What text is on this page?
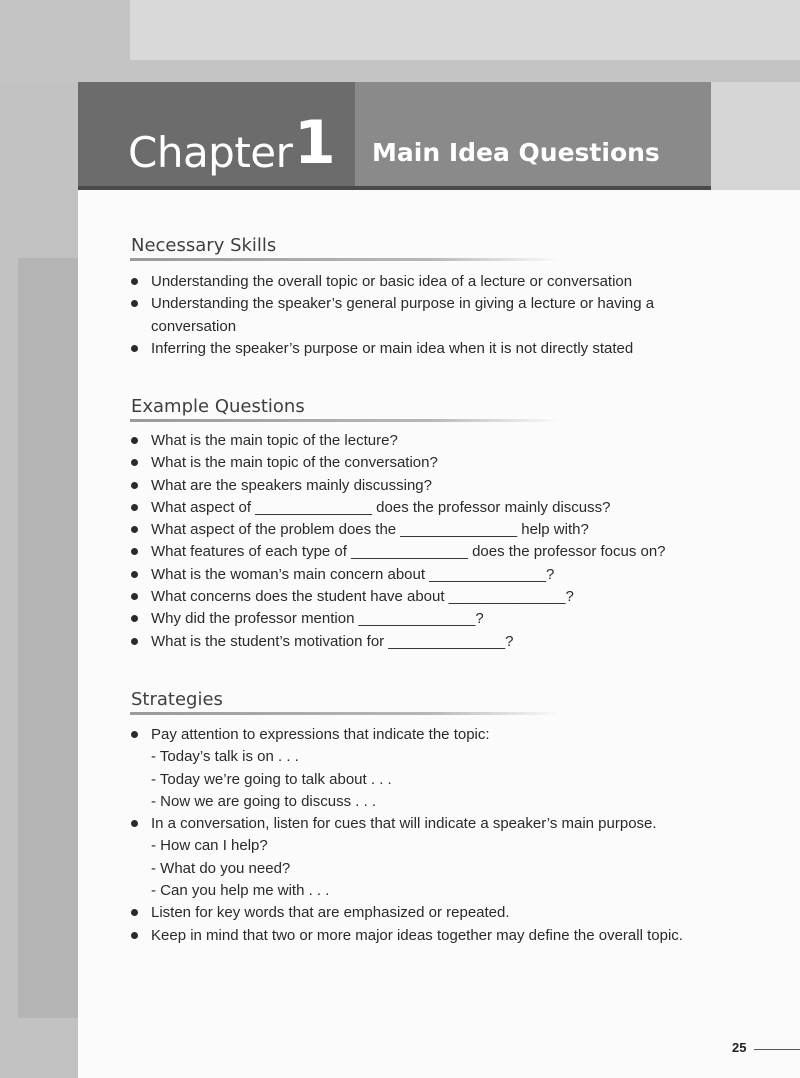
Chapter 1 Main Idea Questions
Necessary Skills
Understanding the overall topic or basic idea of a lecture or conversation
Understanding the speaker’s general purpose in giving a lecture or having a conversation
Inferring the speaker’s purpose or main idea when it is not directly stated
Example Questions
What is the main topic of the lecture?
What is the main topic of the conversation?
What are the speakers mainly discussing?
What aspect of ______________ does the professor mainly discuss?
What aspect of the problem does the ______________ help with?
What features of each type of ______________ does the professor focus on?
What is the woman’s main concern about ______________?
What concerns does the student have about ______________?
Why did the professor mention ______________?
What is the student’s motivation for ______________?
Strategies
Pay attention to expressions that indicate the topic:
- Today’s talk is on . . .
- Today we’re going to talk about . . .
- Now we are going to discuss . . .
In a conversation, listen for cues that will indicate a speaker’s main purpose.
- How can I help?
- What do you need?
- Can you help me with . . .
Listen for key words that are emphasized or repeated.
Keep in mind that two or more major ideas together may define the overall topic.
25
